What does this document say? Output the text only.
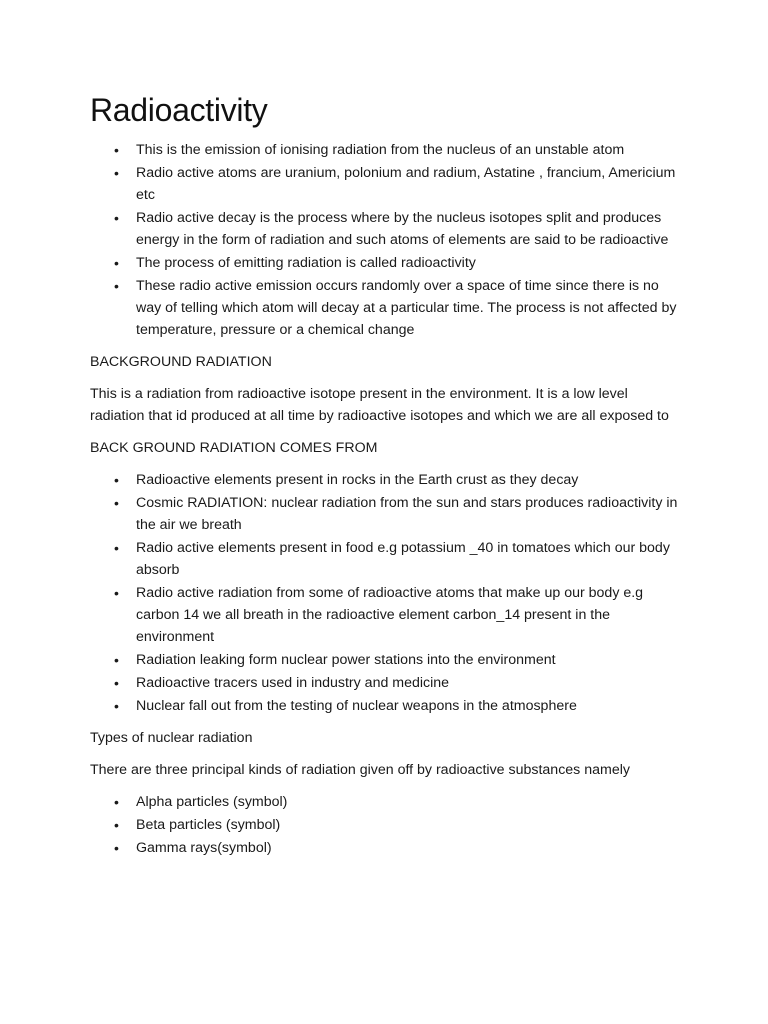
Radioactivity
• This is the emission of ionising radiation from the nucleus of an unstable atom
• Radio active atoms are uranium, polonium and radium, Astatine , francium, Americium etc
• Radio active decay is the process where by the nucleus isotopes split and produces energy in the form of radiation and such atoms of elements are said to be radioactive
• The process of emitting radiation is called radioactivity
• These radio active emission occurs randomly over a space of time since there is no way of telling which atom will decay at a particular time. The process is not affected by temperature, pressure or a chemical change

BACKGROUND RADIATION

This is a radiation from radioactive isotope present in the environment. It is a low level radiation that id produced at all time by radioactive isotopes and which we are all exposed to

BACK GROUND RADIATION COMES FROM

• Radioactive elements present in rocks in the Earth crust as they decay
• Cosmic RADIATION: nuclear radiation from the sun and stars produces radioactivity in the air we breath
• Radio active elements present in food e.g potassium _40 in tomatoes which our body absorb
• Radio active radiation from some of radioactive atoms that make up our body e.g carbon 14 we all breath in the radioactive element carbon_14 present in the environment
• Radiation leaking form nuclear power stations into the environment
• Radioactive tracers used in industry and medicine
• Nuclear fall out from the testing of nuclear weapons in the atmosphere

Types of nuclear radiation

There are three principal kinds of radiation given off by radioactive substances namely

• Alpha particles (symbol)
• Beta particles (symbol)
• Gamma rays(symbol)
